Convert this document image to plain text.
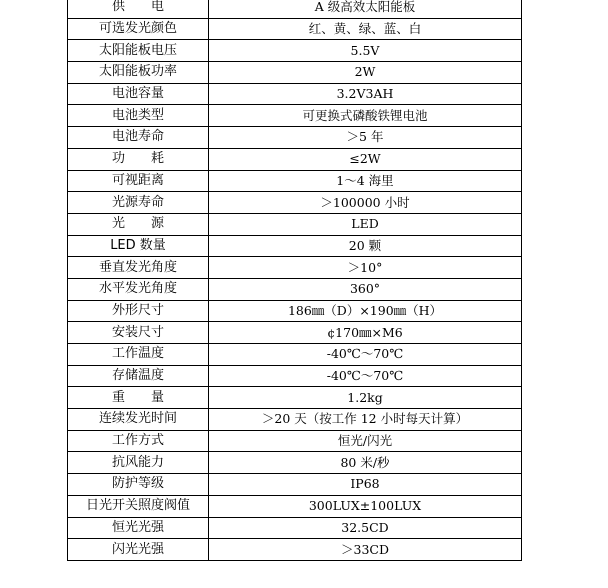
供　　电	A 级高效太阳能板
可选发光颜色	红、黄、绿、蓝、白
太阳能板电压	5.5V
太阳能板功率	2W
电池容量	3.2V3AH
电池类型	可更换式磷酸铁锂电池
电池寿命	＞5 年
功　　耗	≤2W
可视距离	1～4 海里
光源寿命	＞100000 小时
光　　源	LED
LED 数量	20 颗
垂直发光角度	＞10°
水平发光角度	360°
外形尺寸	186㎜（D）×190㎜（H）
安装尺寸	¢170㎜×M6
工作温度	-40℃～70℃
存储温度	-40℃～70℃
重　　量	1.2kg
连续发光时间	＞20 天（按工作 12 小时每天计算）
工作方式	恒光/闪光
抗风能力	80 米/秒
防护等级	IP68
日光开关照度阀值	300LUX±100LUX
恒光光强	32.5CD
闪光光强	＞33CD
